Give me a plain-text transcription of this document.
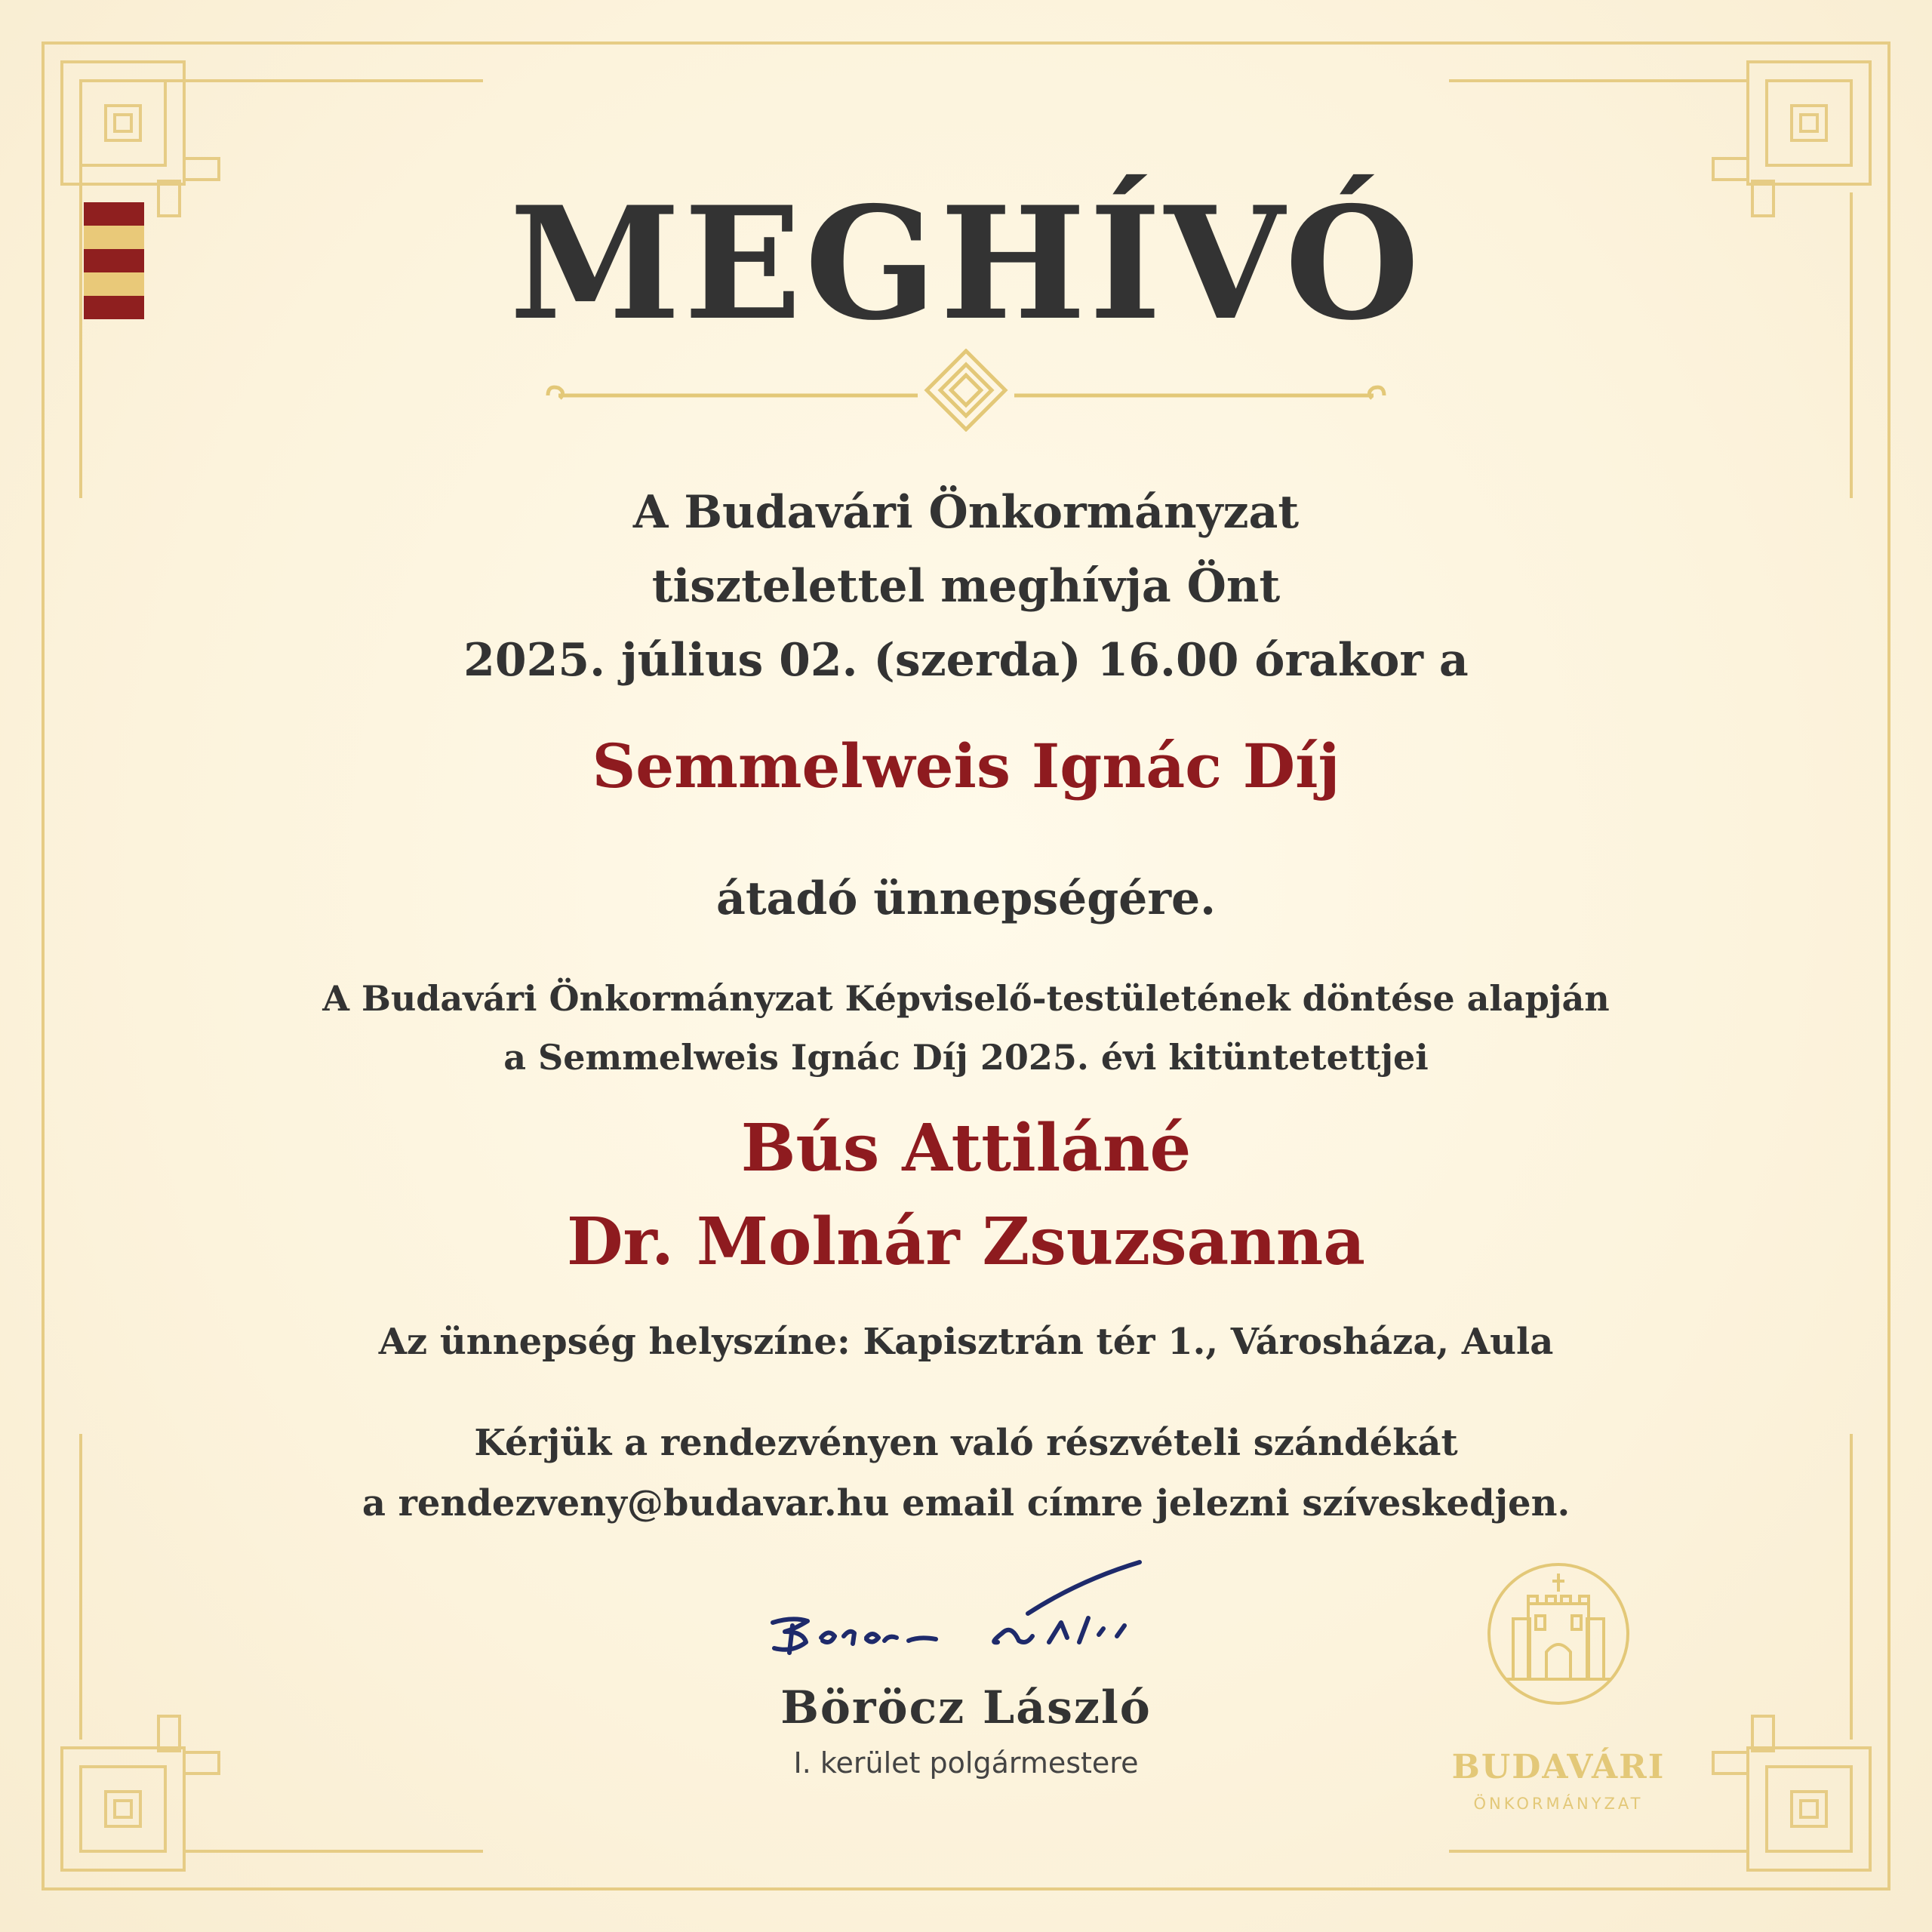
MEGHÍVÓ
A Budavári Önkormányzat
tisztelettel meghívja Önt
2025. július 02. (szerda) 16.00 órakor a
Semmelweis Ignác Díj
átadó ünnepségére.
A Budavári Önkormányzat Képviselő-testületének döntése alapján
a Semmelweis Ignác Díj 2025. évi kitüntetettjei
Bús Attiláné
Dr. Molnár Zsuzsanna
Az ünnepség helyszíne: Kapisztrán tér 1., Városháza, Aula
Kérjük a rendezvényen való részvételi szándékát
a rendezveny@budavar.hu email címre jelezni szíveskedjen.
Böröcz László
I. kerület polgármestere	BUDAVÁRI
ÖNKORMÁNYZAT
